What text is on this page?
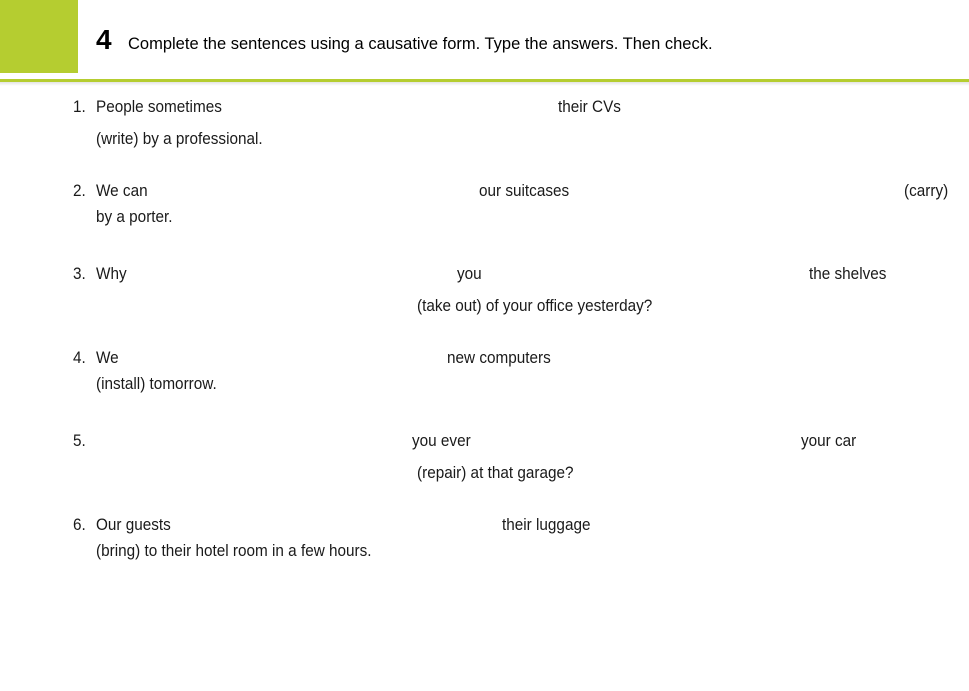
4 Complete the sentences using a causative form. Type the answers. Then check.
1. People sometimes	their CVs
(write) by a professional.
2. We can	our suitcases	(carry)
by a porter.
3. Why	you	the shelves
(take out) of your office yesterday?
4. We	new computers
(install) tomorrow.
5.	you ever	your car
(repair) at that garage?
6. Our guests	their luggage
(bring) to their hotel room in a few hours.
